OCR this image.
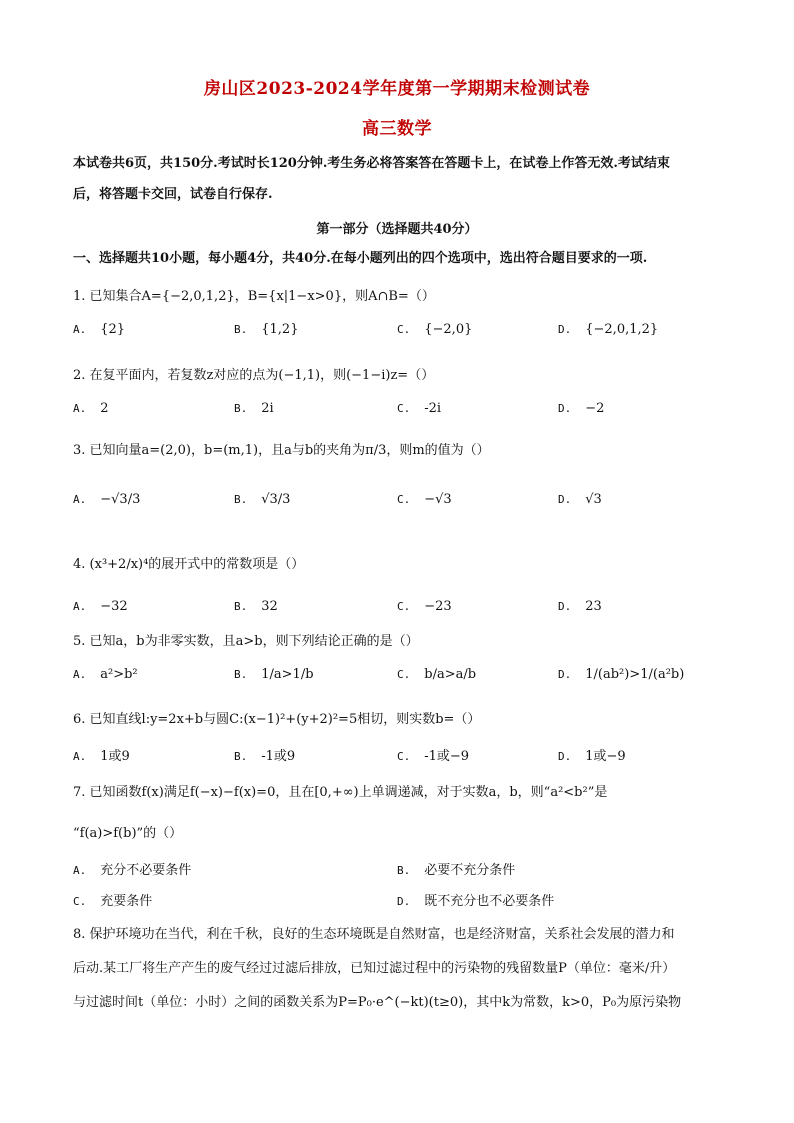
房山区2023-2024学年度第一学期期末检测试卷
高三数学
本试卷共6页，共150分.考试时长120分钟.考生务必将答案答在答题卡上，在试卷上作答无效.考试结束
后，将答题卡交回，试卷自行保存.
第一部分（选择题共40分）
一、选择题共10小题，每小题4分，共40分.在每小题列出的四个选项中，选出符合题目要求的一项.
1. 已知集合A={−2,0,1,2}，B={x|1−x>0}，则A∩B=（）
A. {2}	B. {1,2}	C. {−2,0}	D. {−2,0,1,2}
2. 在复平面内，若复数z对应的点为(−1,1)，则(−1−i)z=（）
A. 2	B. 2i	C. -2i	D. −2
3. 已知向量a=(2,0)，b=(m,1)，且a与b的夹角为π/3，则m的值为（）
A. −√3/3	B. √3/3	C. −√3	D. √3
4. (x³+2/x)⁴的展开式中的常数项是（）
A. −32	B. 32	C. −23	D. 23
5. 已知a，b为非零实数，且a>b，则下列结论正确的是（）
A. a²>b²	B. 1/a>1/b	C. b/a>a/b	D. 1/(ab²)>1/(a²b)
6. 已知直线l:y=2x+b与圆C:(x−1)²+(y+2)²=5相切，则实数b=（）
A. 1或9	B. -1或9	C. -1或−9	D. 1或−9
7. 已知函数f(x)满足f(−x)−f(x)=0，且在[0,+∞)上单调递减，对于实数a，b，则“a²<b²”是
“f(a)>f(b)”的（）
A. 充分不必要条件	B. 必要不充分条件
C. 充要条件	D. 既不充分也不必要条件
8. 保护环境功在当代，利在千秋，良好的生态环境既是自然财富，也是经济财富，关系社会发展的潜力和
后动.某工厂将生产产生的废气经过过滤后排放，已知过滤过程中的污染物的残留数量P（单位：毫米/升）
与过滤时间t（单位：小时）之间的函数关系为P=P₀·e^(−kt)(t≥0)，其中k为常数，k>0，P₀为原污染物
